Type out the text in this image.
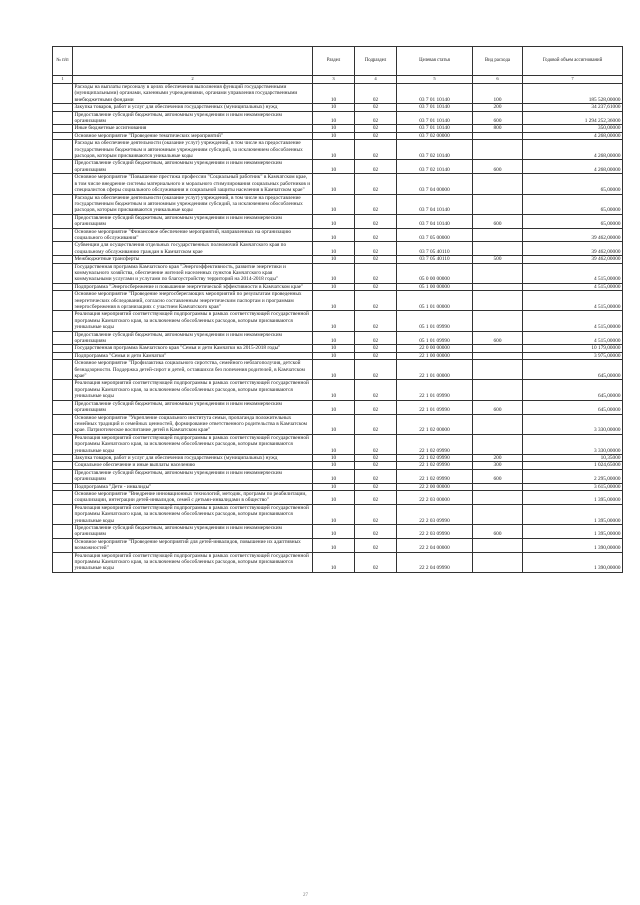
№ п/п		Раздел	Подраздел	Целевая статья	Вид расхода	Годовой объем ассигнований
1	2	3	4	5	6	7
	Расходы на выплаты персоналу в целях обеспечения выполнения функций государственными (муниципальными) органами, казенными учреждениями, органами управления государственными внебюджетными фондами	10	02	03 7 01 10140	100	185 528,00000
	Закупка товаров, работ и услуг для обеспечения государственных (муниципальных) нужд	10	02	03 7 01 10140	200	34 237,61000
	Предоставление субсидий бюджетным, автономным учреждениям и иным некоммерческим организациям	10	02	03 7 01 10140	600	1 294 252,36000
	Иные бюджетные ассигнования	10	02	03 7 01 10140	800	350,00000
	Основное мероприятие "Проведение тематических мероприятий"	10	02	03 7 02 00000		4 268,00000
	Расходы на обеспечение деятельности (оказание услуг) учреждений, в том числе на предоставление государственным бюджетным и автономным учреждениям субсидий, за исключением обособленных расходов, которым присваиваются уникальные коды	10	02	03 7 02 10140		4 268,00000
	Предоставление субсидий бюджетным, автономным учреждениям и иным некоммерческим организациям	10	02	03 7 02 10140	600	4 268,00000
	Основное мероприятие "Повышение престижа профессии "Социальный работник" в Камчатском крае, в том числе внедрение системы материального и морального стимулирования социальных работников и специалистов сферы социального обслуживания и социальной защиты населения в Камчатском крае"	10	02	03 7 04 00000		65,00000
	Расходы на обеспечение деятельности (оказание услуг) учреждений, в том числе на предоставление государственным бюджетным и автономным учреждениям субсидий, за исключением обособленных расходов, которым присваиваются уникальные коды	10	02	03 7 04 10140		65,00000
	Предоставление субсидий бюджетным, автономным учреждениям и иным некоммерческим организациям	10	02	03 7 04 10140	600	65,00000
	Основное мероприятие "Финансовое обеспечение мероприятий, направленных на организацию социального обслуживания"	10	02	03 7 05 00000		39 462,00000
	Субвенции для осуществления отдельных государственных полномочий Камчатского края по социальному обслуживанию граждан в Камчатском крае	10	02	03 7 05 40110		39 462,00000
	Межбюджетные трансферты	10	02	03 7 05 40110	500	39 462,00000
	Государственная программа Камчатского края "Энергоэффективность, развитие энергетики и коммунального хозяйства, обеспечение жителей населенных пунктов Камчатского края коммунальными услугами и услугами по благоустройству территорий на 2014-2018 годы"	10	02	05 0 00 00000		4 515,00000
	Подпрограмма "Энергосбережение и повышение энергетической эффективности в Камчатском крае"	10	02	05 1 00 00000		4 515,00000
	Основное мероприятие "Проведение энергосберегающих мероприятий по результатам проведенных энергетических обследований, согласно составленным энергетическим паспортам и программам энергосбережения в организациях с участием Камчатского края"	10	02	05 1 01 00000		4 515,00000
	Реализация мероприятий соответствующей подпрограммы в рамках соответствующей государственной программы Камчатского края, за исключением обособленных расходов, которым присваиваются уникальные коды	10	02	05 1 01 09990		4 515,00000
	Предоставление субсидий бюджетным, автономным учреждениям и иным некоммерческим организациям	10	02	05 1 01 09990	600	4 515,00000
	Государственная программа Камчатского края "Семья и дети Камчатки на 2015-2018 годы"	10	02	22 0 00 00000		10 179,00000
	Подпрограмма "Семья и дети Камчатки"	10	02	22 1 00 00000		3 975,00000
	Основное мероприятие "Профилактика социального сиротства, семейного неблагополучия, детской безнадзорности. Поддержка детей-сирот и детей, оставшихся без попечения родителей, в Камчатском крае"	10	02	22 1 01 00000		645,00000
	Реализация мероприятий соответствующей подпрограммы в рамках соответствующей государственной программы Камчатского края, за исключением обособленных расходов, которым присваиваются уникальные коды	10	02	22 1 01 09990		645,00000
	Предоставление субсидий бюджетным, автономным учреждениям и иным некоммерческим организациям	10	02	22 1 01 09990	600	645,00000
	Основное мероприятие "Укрепление социального института семьи, пропаганда положительных семейных традиций и семейных ценностей, формирование ответственного родительства в Камчатском крае. Патриотическое воспитание детей в Камчатском крае"	10	02	22 1 02 00000		3 330,00000
	Реализация мероприятий соответствующей подпрограммы в рамках соответствующей государственной программы Камчатского края, за исключением обособленных расходов, которым присваиваются уникальные коды	10	02	22 1 02 09990		3 330,00000
	Закупка товаров, работ и услуг для обеспечения государственных (муниципальных) нужд	10	02	22 1 02 09990	200	10,35000
	Социальное обеспечение и иные выплаты населению	10	02	22 1 02 09990	300	1 024,65000
	Предоставление субсидий бюджетным, автономным учреждениям и иным некоммерческим организациям	10	02	22 1 02 09990	600	2 295,00000
	Подпрограмма "Дети - инвалиды"	10	02	22 2 00 00000		3 615,00000
	Основное мероприятие "Внедрение инновационных технологий, методик, программ по реабилитации, социализации, интеграции детей-инвалидов, семей с детьми-инвалидами в общество"	10	02	22 2 03 00000		1 395,00000
	Реализация мероприятий соответствующей подпрограммы в рамках соответствующей государственной программы Камчатского края, за исключением обособленных расходов, которым присваиваются уникальные коды	10	02	22 2 03 09990		1 395,00000
	Предоставление субсидий бюджетным, автономным учреждениям и иным некоммерческим организациям	10	02	22 2 03 09990	600	1 395,00000
	Основное мероприятие "Проведение мероприятий для детей-инвалидов, повышение их адаптивных возможностей"	10	02	22 2 04 00000		1 390,00000
	Реализация мероприятий соответствующей подпрограммы в рамках соответствующей государственной программы Камчатского края, за исключением обособленных расходов, которым присваиваются уникальные коды	10	02	22 2 04 09990		1 390,00000
27
